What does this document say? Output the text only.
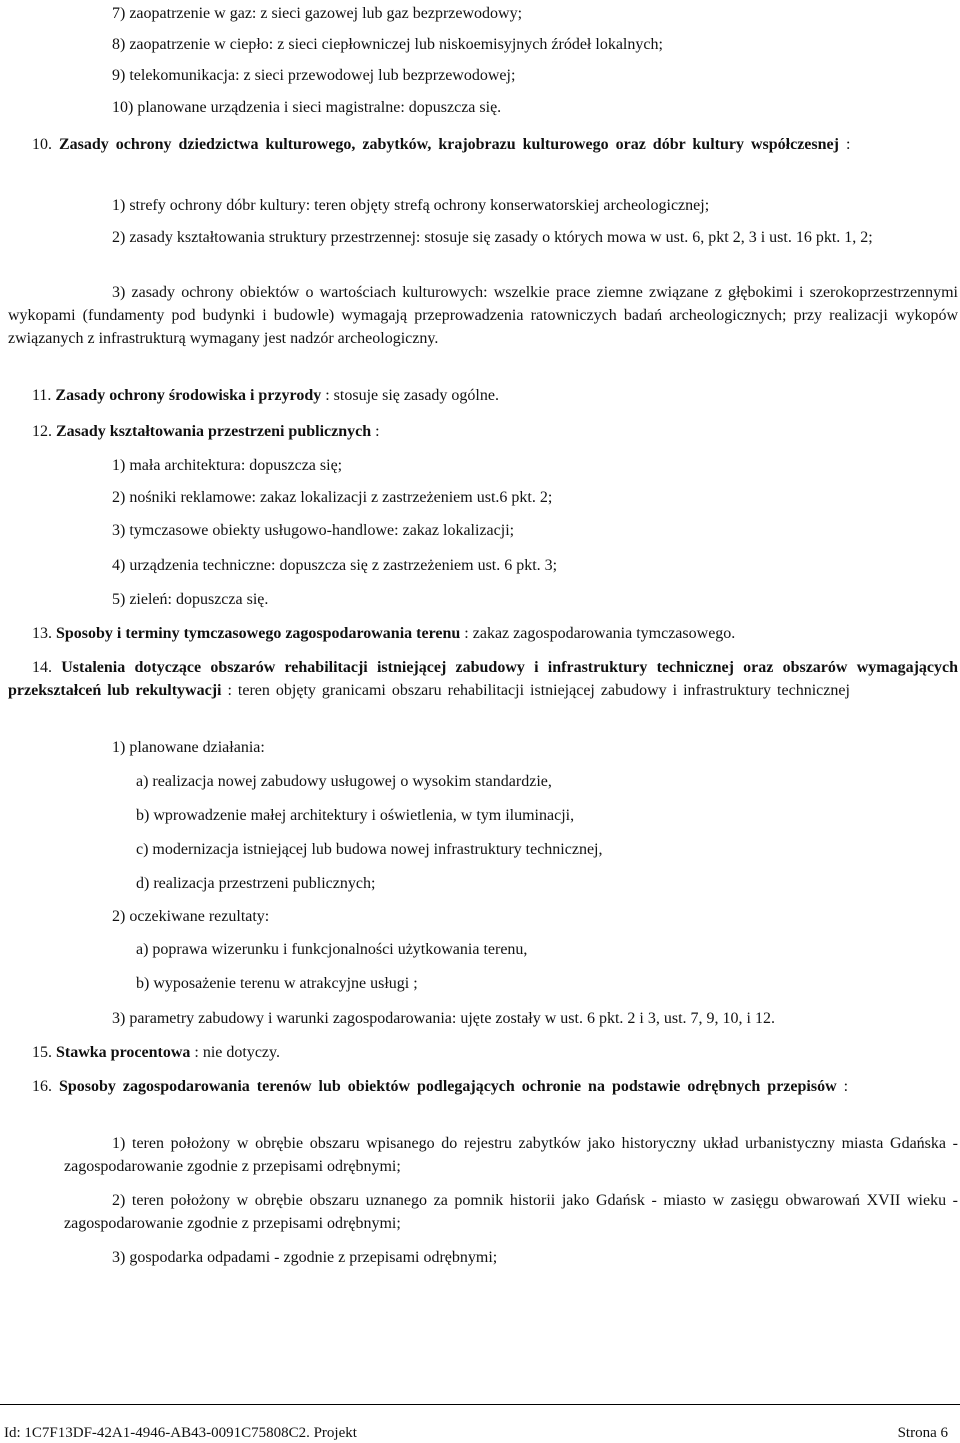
7) zaopatrzenie w gaz: z sieci gazowej lub gaz bezprzewodowy;

8) zaopatrzenie w ciepło: z sieci ciepłowniczej lub niskoemisyjnych źródeł lokalnych;

9) telekomunikacja: z sieci przewodowej lub bezprzewodowej;

10) planowane urządzenia i sieci magistralne: dopuszcza się.

10. Zasady ochrony dziedzictwa kulturowego, zabytków, krajobrazu kulturowego oraz dóbr kultury współczesnej :

1) strefy ochrony dóbr kultury: teren objęty strefą ochrony konserwatorskiej archeologicznej;

2) zasady kształtowania struktury przestrzennej: stosuje się zasady o których mowa w ust. 6, pkt 2, 3 i ust. 16 pkt. 1, 2;

3) zasady ochrony obiektów o wartościach kulturowych: wszelkie prace ziemne związane z głębokimi i szerokoprzestrzennymi wykopami (fundamenty pod budynki i budowle) wymagają przeprowadzenia ratowniczych badań archeologicznych; przy realizacji wykopów związanych z infrastrukturą wymagany jest nadzór archeologiczny.

11. Zasady ochrony środowiska i przyrody : stosuje się zasady ogólne.

12. Zasady kształtowania przestrzeni publicznych :

1) mała architektura: dopuszcza się;

2) nośniki reklamowe: zakaz lokalizacji z zastrzeżeniem ust.6 pkt. 2;

3) tymczasowe obiekty usługowo-handlowe: zakaz lokalizacji;

4) urządzenia techniczne: dopuszcza się z zastrzeżeniem ust. 6 pkt. 3;

5) zieleń: dopuszcza się.

13. Sposoby i terminy tymczasowego zagospodarowania terenu : zakaz zagospodarowania tymczasowego.

14. Ustalenia dotyczące obszarów rehabilitacji istniejącej zabudowy i infrastruktury technicznej oraz obszarów wymagających przekształceń lub rekultywacji : teren objęty granicami obszaru rehabilitacji istniejącej zabudowy i infrastruktury technicznej

1) planowane działania:

a) realizacja nowej zabudowy usługowej o wysokim standardzie,

b) wprowadzenie małej architektury i oświetlenia, w tym iluminacji,

c) modernizacja istniejącej lub budowa nowej infrastruktury technicznej,

d) realizacja przestrzeni publicznych;

2) oczekiwane rezultaty:

a) poprawa wizerunku i funkcjonalności użytkowania terenu,

b) wyposażenie terenu w atrakcyjne usługi ;

3) parametry zabudowy i warunki zagospodarowania: ujęte zostały w ust. 6 pkt. 2 i 3, ust. 7, 9, 10, i 12.

15. Stawka procentowa : nie dotyczy.

16. Sposoby zagospodarowania terenów lub obiektów podlegających ochronie na podstawie odrębnych przepisów :

1) teren położony w obrębie obszaru wpisanego do rejestru zabytków jako historyczny układ urbanistyczny miasta Gdańska - zagospodarowanie zgodnie z przepisami odrębnymi;

2) teren położony w obrębie obszaru uznanego za pomnik historii jako Gdańsk - miasto w zasięgu obwarowań XVII wieku - zagospodarowanie zgodnie z przepisami odrębnymi;

3) gospodarka odpadami - zgodnie z przepisami odrębnymi;

Id: 1C7F13DF-42A1-4946-AB43-0091C75808C2. Projekt	Strona 6
